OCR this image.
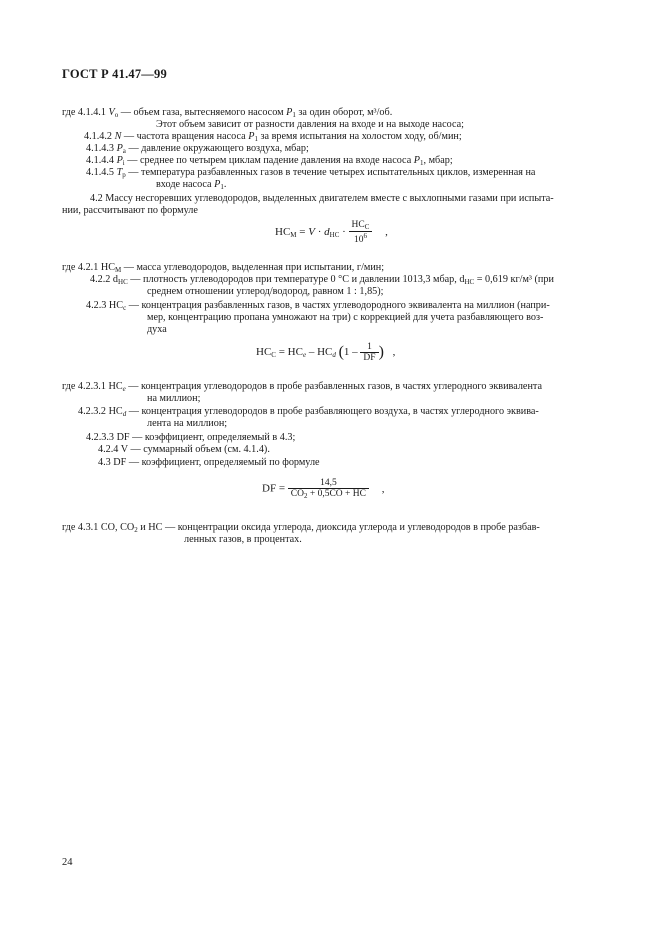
ГОСТ Р 41.47—99
где 4.1.4.1 $V_o$ — объем газа, вытесняемого насосом $P_1$ за один оборот, м³/об.
Этот объем зависит от разности давления на входе и на выходе насоса;
4.1.4.2 N — частота вращения насоса $P_1$ за время испытания на холостом ходу, об/мин;
4.1.4.3 $P_a$ — давление окружающего воздуха, мбар;
4.1.4.4 $P_i$ — среднее по четырем циклам падение давления на входе насоса $P_1$, мбар;
4.1.4.5 $T_p$ — температура разбавленных газов в течение четырех испытательных циклов, измеренная на
входе насоса $P_1$.
4.2 Массу несгоревших углеводородов, выделенных двигателем вместе с выхлопными газами при испыта-
нии, рассчитывают по формуле
$HC_M = V \cdot d_{HC} \cdot \frac{HC_C}{10^6}$ ,
где 4.2.1 $HC_M$ — масса углеводородов, выделенная при испытании, г/мин;
4.2.2 $d_{HC}$ — плотность углеводородов при температуре 0 °С и давлении 1013,3 мбар, $d_{HC} = 0,619$ кг/м³ (при
среднем отношении углерод/водород, равном 1 : 1,85);
4.2.3 $HC_c$ — концентрация разбавленных газов, в частях углеводородного эквивалента на миллион (напри-
мер, концентрацию пропана умножают на три) с коррекцией для учета разбавляющего воз-
духа
$HC_C = HC_e - HC_d$ ($1 - \frac{1}{DF}$ ) ,
где 4.2.3.1 $HC_e$ — концентрация углеводородов в пробе разбавленных газов, в частях углеродного эквивалента
на миллион;
4.2.3.2 $HC_d$ — концентрация углеводородов в пробе разбавляющего воздуха, в частях углеродного эквива-
лента на миллион;
4.2.3.3 DF — коэффициент, определяемый в 4.3;
4.2.4 V — суммарный объем (см. 4.1.4).
4.3 DF — коэффициент, определяемый по формуле
DF = $\frac{14,5}{CO_2 + 0,5CO + HC}$ ,
где 4.3.1 CO, $CO_2$ и HC — концентрации оксида углерода, диоксида углерода и углеводородов в пробе разбав-
ленных газов, в процентах.
24
